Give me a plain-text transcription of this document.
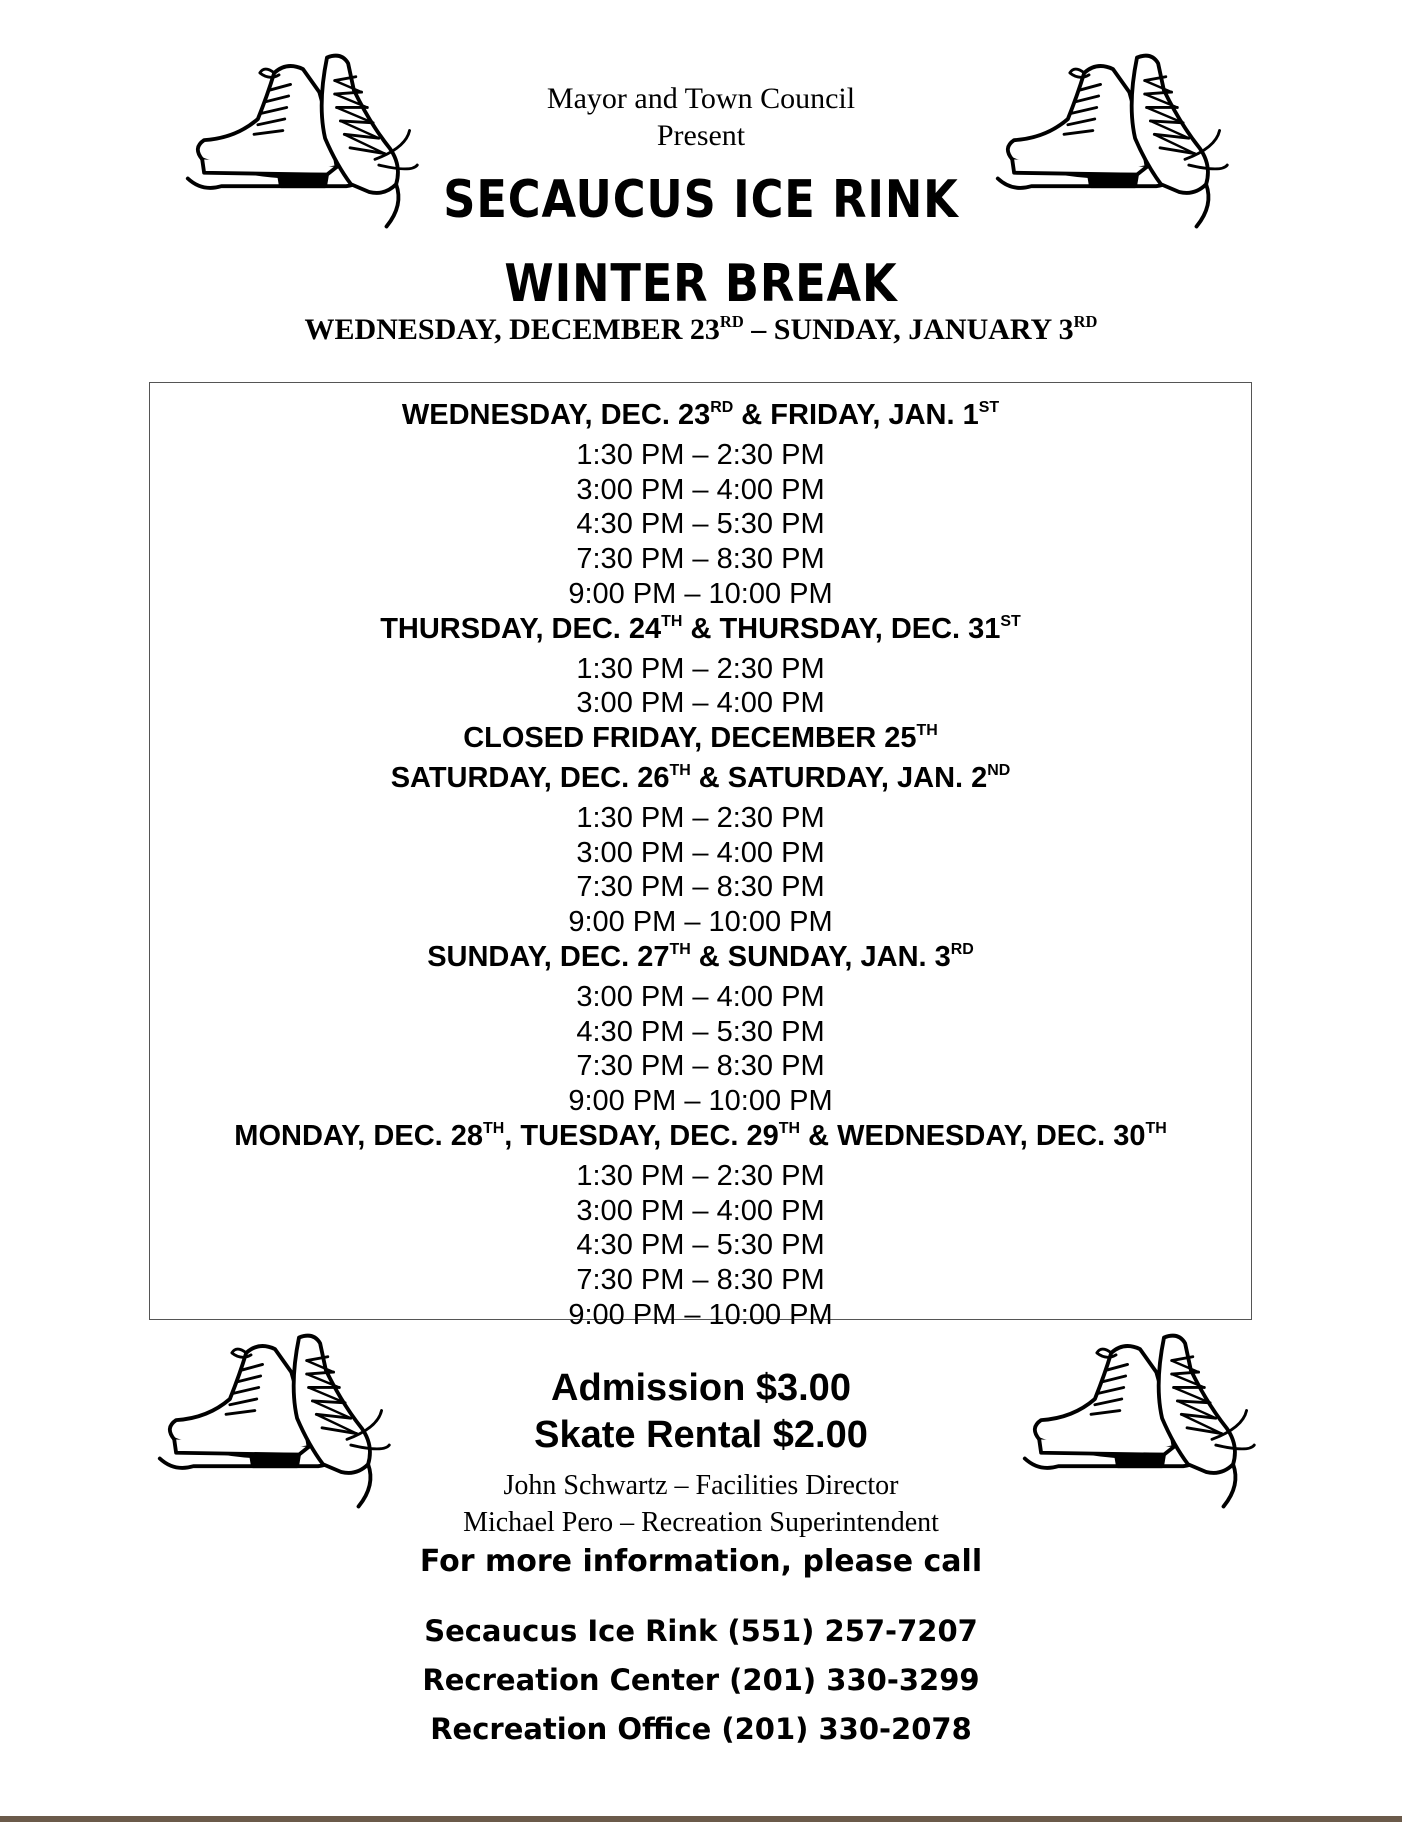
Mayor and Town Council
Present
SECAUCUS ICE RINK
WINTER BREAK
WEDNESDAY, DECEMBER 23RD – SUNDAY, JANUARY 3RD
WEDNESDAY, DEC. 23RD & FRIDAY, JAN. 1ST
1:30 PM – 2:30 PM
3:00 PM – 4:00 PM
4:30 PM – 5:30 PM
7:30 PM – 8:30 PM
9:00 PM – 10:00 PM
THURSDAY, DEC. 24TH & THURSDAY, DEC. 31ST
1:30 PM – 2:30 PM
3:00 PM – 4:00 PM
CLOSED FRIDAY, DECEMBER 25TH
SATURDAY, DEC. 26TH & SATURDAY, JAN. 2ND
1:30 PM – 2:30 PM
3:00 PM – 4:00 PM
7:30 PM – 8:30 PM
9:00 PM – 10:00 PM
SUNDAY, DEC. 27TH & SUNDAY, JAN. 3RD
3:00 PM – 4:00 PM
4:30 PM – 5:30 PM
7:30 PM – 8:30 PM
9:00 PM – 10:00 PM
MONDAY, DEC. 28TH, TUESDAY, DEC. 29TH & WEDNESDAY, DEC. 30TH
1:30 PM – 2:30 PM
3:00 PM – 4:00 PM
4:30 PM – 5:30 PM
7:30 PM – 8:30 PM
9:00 PM – 10:00 PM
Admission $3.00
Skate Rental $2.00
John Schwartz – Facilities Director
Michael Pero – Recreation Superintendent
For more information, please call
Secaucus Ice Rink (551) 257-7207
Recreation Center (201) 330-3299
Recreation Office (201) 330-2078
